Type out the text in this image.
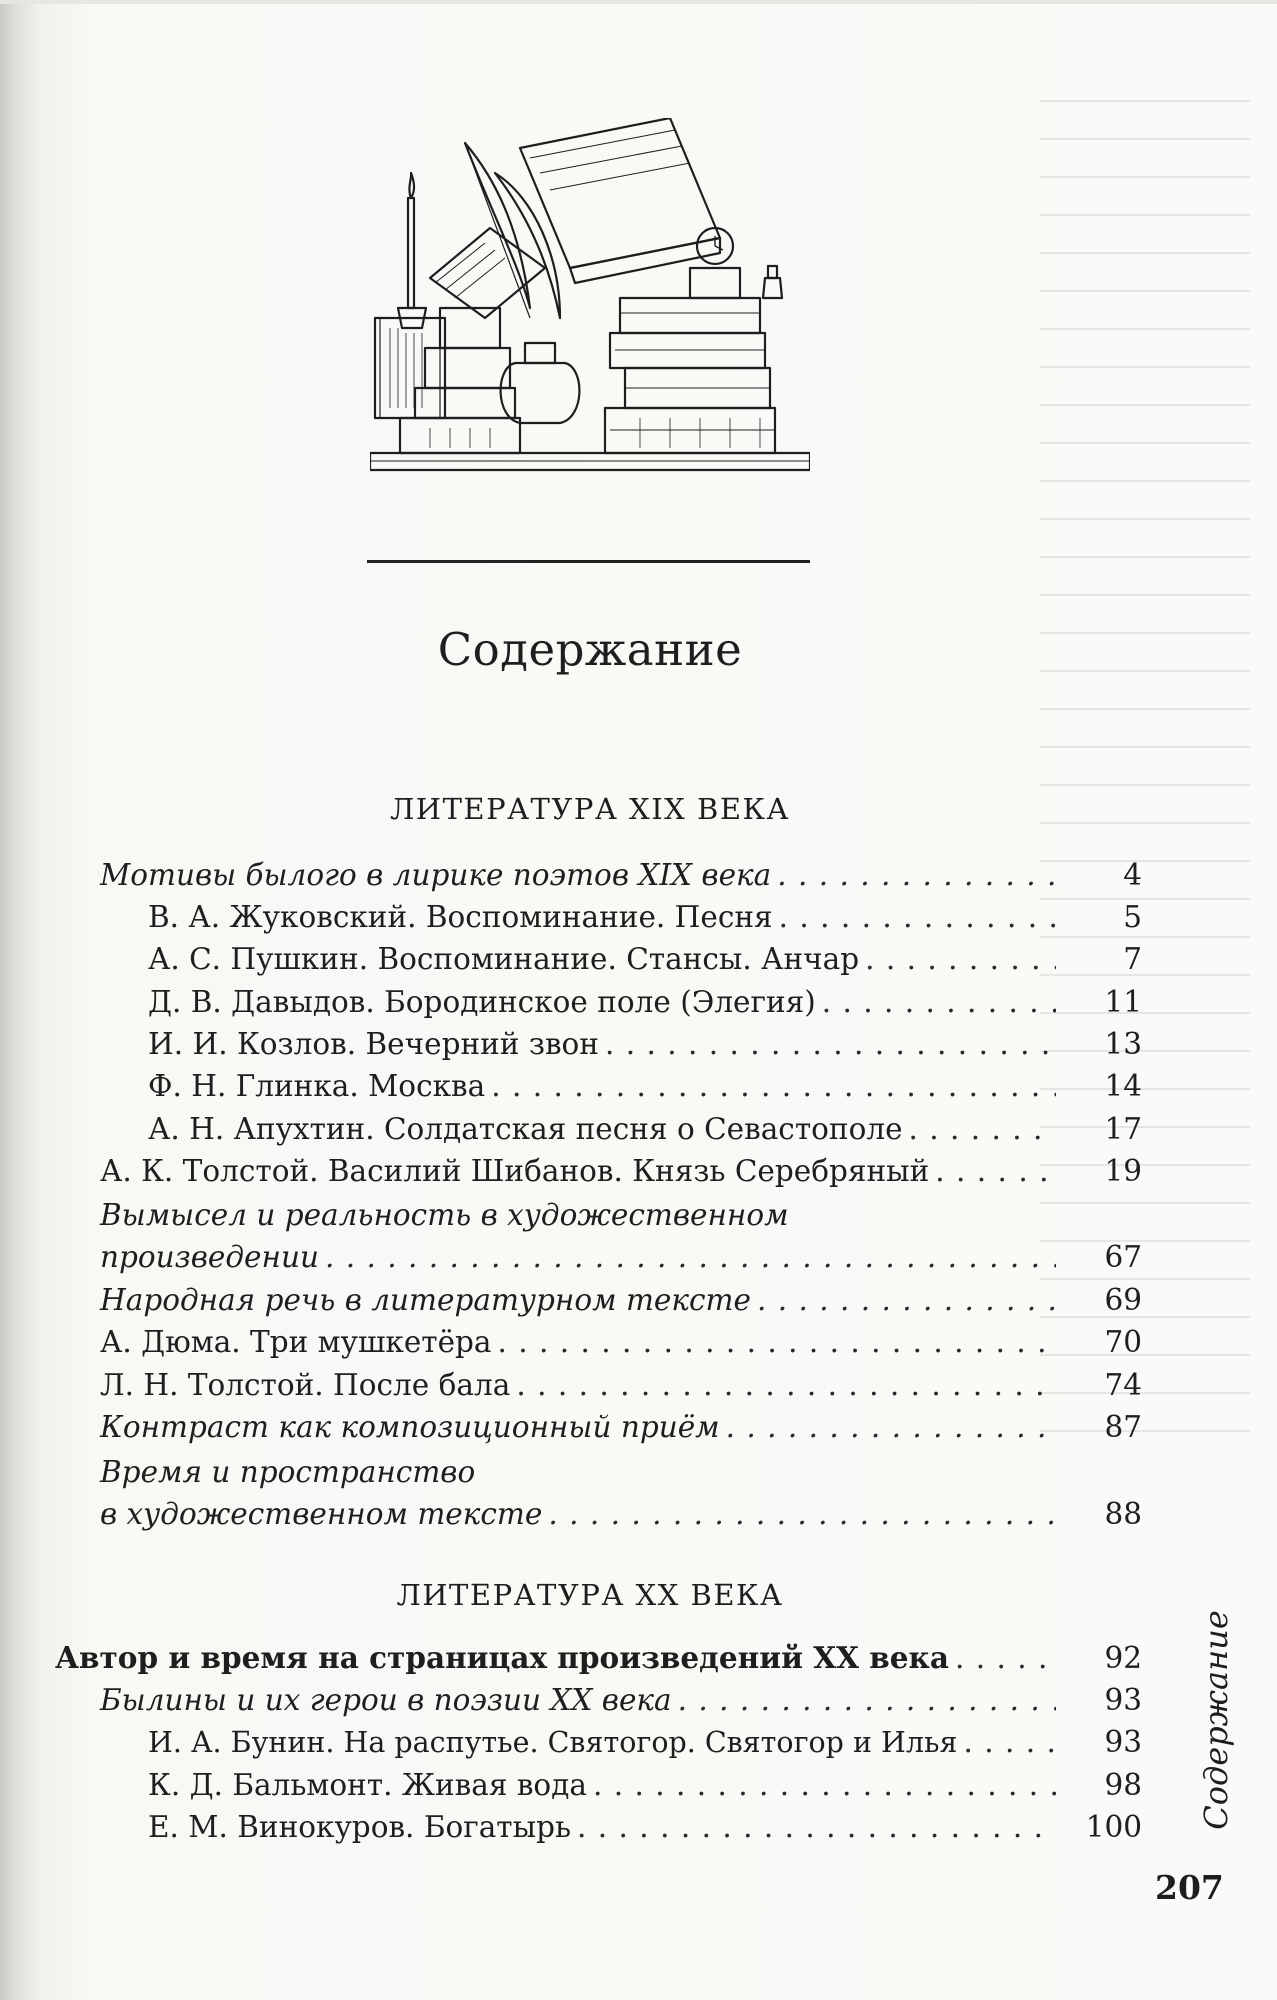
Содержание
ЛИТЕРАТУРА XIX ВЕКА
Мотивы былого в лирике поэтов XIX века . . .	4
В. А. Жуковский. Воспоминание. Песня . . .	5
А. С. Пушкин. Воспоминание. Стансы. Анчар . . .	7
Д. В. Давыдов. Бородинское поле (Элегия) . . .	11
И. И. Козлов. Вечерний звон . . .	13
Ф. Н. Глинка. Москва . . .	14
А. Н. Апухтин. Солдатская песня о Севастополе . . .	17
А. К. Толстой. Василий Шибанов. Князь Серебряный . . .	19
Вымысел и реальность в художественном
произведении . . .	67
Народная речь в литературном тексте . . .	69
А. Дюма. Три мушкетёра . . .	70
Л. Н. Толстой. После бала . . .	74
Контраст как композиционный приём . . .	87
Время и пространство
в художественном тексте . . .	88
ЛИТЕРАТУРА XX ВЕКА
Автор и время на страницах произведений XX века . . .	92
Былины и их герои в поэзии XX века . . .	93
И. А. Бунин. На распутье. Святогор. Святогор и Илья . . .	93
К. Д. Бальмонт. Живая вода . . .	98
Е. М. Винокуров. Богатырь . . .	100 Содержание
207
